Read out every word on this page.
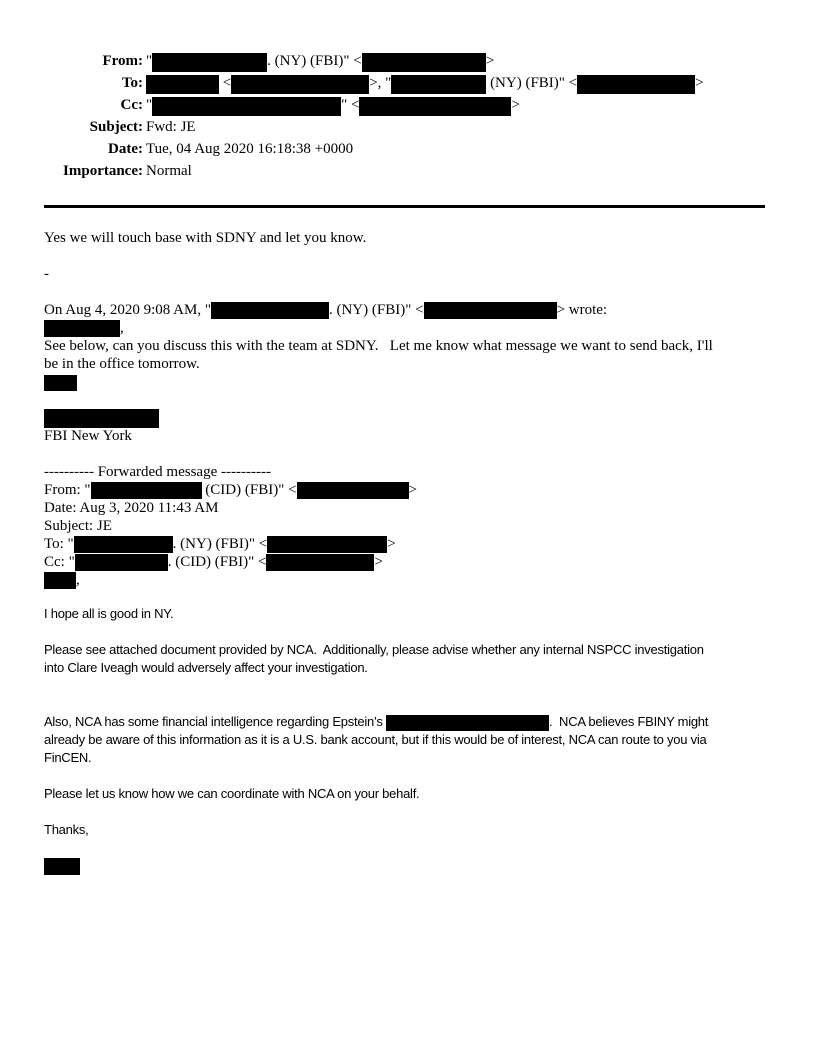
From:	" . (NY) (FBI)" < >
To:	< >, " (NY) (FBI)" < >
Cc:	" " < >
Subject:	Fwd: JE
Date:	Tue, 04 Aug 2020 16:18:38 +0000
Importance:	Normal
Yes we will touch base with SDNY and let you know.

-

On Aug 4, 2020 9:08 AM, "	. (NY) (FBI)" <	> wrote:
,
See below, can you discuss this with the team at SDNY.   Let me know what message we want to send back, I'll
be in the office tomorrow.

FBI New York

---------- Forwarded message ----------
From: "	(CID) (FBI)" <	>
Date: Aug 3, 2020 11:43 AM
Subject: JE
To: "	. (NY) (FBI)" <	>
Cc: "	. (CID) (FBI)" <	>
,
I hope all is good in NY.

Please see attached document provided by NCA.  Additionally, please advise whether any internal NSPCC investigation
into Clare Iveagh would adversely affect your investigation.

Also, NCA has some financial intelligence regarding Epstein’s	.  NCA believes FBINY might
already be aware of this information as it is a U.S. bank account, but if this would be of interest, NCA can route to you via
FinCEN.

Please let us know how we can coordinate with NCA on your behalf.

Thanks,
